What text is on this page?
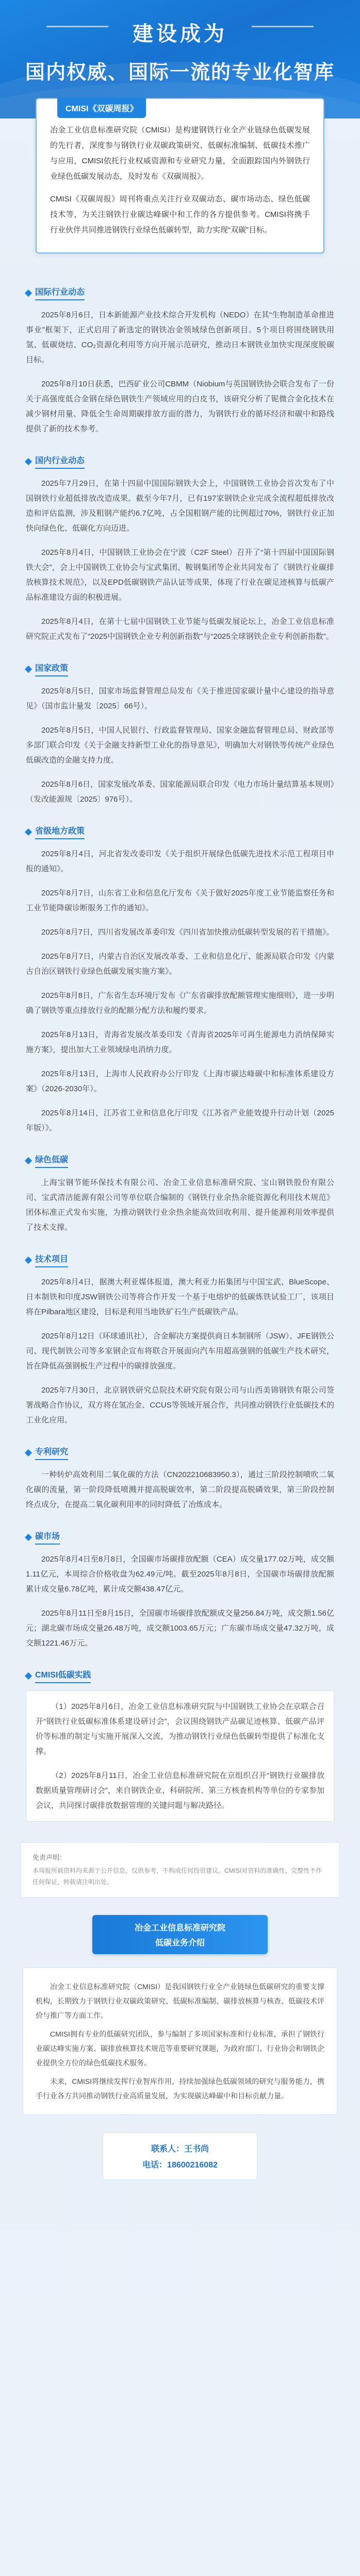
建设成为
国内权威、国际一流的专业化智库
CMISI《双碳周报》

冶金工业信息标准研究院（CMISI）是构建钢铁行业全产业链绿色低碳发展的先行者，深度参与钢铁行业双碳政策研究、低碳标准编制、低碳技术推广与应用，CMISI依托行业权威资源和专业研究力量，全面跟踪国内外钢铁行业绿色低碳发展动态，及时发布《双碳周报》。

CMISI《双碳周报》周刊将重点关注行业双碳动态、碳市场动态、绿色低碳技术等，为关注钢铁行业碳达峰碳中和工作的各方提供参考。CMISI将携手行业伙伴共同推进钢铁行业绿色低碳转型，助力实现“双碳”目标。

国际行业动态

2025年8月6日，日本新能源产业技术综合开发机构（NEDO）在其“生物制造革命推进事业”框架下，正式启用了新选定的钢铁冶金领域绿色创新项目。5个项目将围绕钢铁用氢、低碳烧结、CO₂资源化利用等方向开展示范研究，推动日本钢铁业加快实现深度脱碳目标。

2025年8月10日获悉，巴西矿业公司CBMM（Niobium与英国钢铁协会联合发布了一份关于高强度低合金钢在绿色钢铁生产领域应用的白皮书，该研究分析了铌微合金化技术在减少钢材用量、降低全生命周期碳排放方面的潜力，为钢铁行业的循环经济和碳中和路线提供了新的技术参考。

国内行业动态

2025年7月29日，在第十四届中国国际钢铁大会上，中国钢铁工业协会首次发布了中国钢铁行业超低排放改造成果。截至今年7月，已有197家钢铁企业完成全流程超低排放改造和评估监测，涉及粗钢产能约6.7亿吨，占全国粗钢产能的比例超过70%，钢铁行业正加快向绿色化、低碳化方向迈进。

2025年8月4日，中国钢铁工业协会在宁波（C2F Steel）召开了“第十四届中国国际钢铁大会”，会上中国钢铁工业协会与宝武集团、鞍钢集团等企业共同发布了《钢铁行业碳排放核算技术规范》，以及EPD低碳钢铁产品认证等成果，体现了行业在碳足迹核算与低碳产品标准建设方面的积极进展。

2025年8月4日，在第十七届中国钢铁工业节能与低碳发展论坛上，冶金工业信息标准研究院正式发布了“2025中国钢铁企业专利创新指数”与“2025全球钢铁企业专利创新指数”。

国家政策

2025年8月5日，国家市场监督管理总局发布《关于推进国家碳计量中心建设的指导意见》（国市监计量发〔2025〕66号）。

2025年8月5日，中国人民银行、行政监督管理局、国家金融监督管理总局、财政部等多部门联合印发《关于金融支持新型工业化的指导意见》，明确加大对钢铁等传统产业绿色低碳改造的金融支持力度。

2025年8月6日，国家发展改革委、国家能源局联合印发《电力市场计量结算基本规则》（发改能源规〔2025〕976号）。

省级地方政策

2025年8月4日，河北省发改委印发《关于组织开展绿色低碳先进技术示范工程项目申报的通知》。

2025年8月7日，山东省工业和信息化厅发布《关于做好2025年度工业节能监察任务和工业节能降碳诊断服务工作的通知》。

2025年8月7日，四川省发展改革委印发《四川省加快推动低碳转型发展的若干措施》。

2025年8月7日，内蒙古自治区发展改革委、工业和信息化厅、能源局联合印发《内蒙古自治区钢铁行业绿色低碳发展实施方案》。

2025年8月8日，广东省生态环境厅发布《广东省碳排放配额管理实施细则》，进一步明确了钢铁等重点排放行业的配额分配方法和履约要求。

2025年8月13日，青海省发展改革委印发《青海省2025年可再生能源电力消纳保障实施方案》，提出加大工业领域绿电消纳力度。

2025年8月13日，上海市人民政府办公厅印发《上海市碳达峰碳中和标准体系建设方案》（2026-2030年）。

2025年8月14日，江苏省工业和信息化厅印发《江苏省产业能效提升行动计划（2025年版）》。

绿色低碳

上海宝钢节能环保技术有限公司、冶金工业信息标准研究院、宝山钢铁股份有限公司、宝武清洁能源有限公司等单位联合编制的《钢铁行业余热余能资源化利用技术规范》团体标准正式发布实施，为推动钢铁行业余热余能高效回收利用、提升能源利用效率提供了技术支撑。

技术项目

2025年8月4日，据澳大利亚媒体报道，澳大利亚力拓集团与中国宝武、BlueScope、日本制铁和印度JSW钢铁公司等将合作开发一个基于电熔炉的低碳炼铁试验工厂，该项目将在Pilbara地区建设，目标是利用当地铁矿石生产低碳铁产品。

2025年8月12日（环球通讯社），合金解决方案提供商日本制钢所（JSW）、JFE钢铁公司、现代制铁公司等多家钢企宣布将联合开展面向汽车用超高强钢的低碳生产技术研究，旨在降低高强钢板生产过程中的碳排放强度。

2025年7月30日，北京钢铁研究总院技术研究院有限公司与山西美锦钢铁有限公司签署战略合作协议，双方将在氢冶金、CCUS等领域开展合作，共同推动钢铁行业低碳技术的工业化应用。

专利研究

一种转炉高效利用二氧化碳的方法（CN202210683950.3），通过三阶段控制喷吹二氧化碳的流量，第一阶段降低喷溅并提高脱碳效率，第二阶段提高脱磷效果，第三阶段控制终点成分，在提高二氧化碳利用率的同时降低了冶炼成本。

碳市场

2025年8月4日至8月8日，全国碳市场碳排放配额（CEA）成交量177.02万吨，成交额1.11亿元，本周综合价格收盘为62.49元/吨。截至2025年8月8日，全国碳市场碳排放配额累计成交量6.78亿吨，累计成交额438.47亿元。

2025年8月11日至8月15日，全国碳市场碳排放配额成交量256.84万吨，成交额1.56亿元；湖北碳市场成交量26.48万吨，成交额1003.65万元；广东碳市场成交量47.32万吨，成交额1221.46万元。

CMISI低碳实践

（1）2025年8月6日，冶金工业信息标准研究院与中国钢铁工业协会在京联合召开“钢铁行业低碳标准体系建设研讨会”，会议围绕钢铁产品碳足迹核算、低碳产品评价等标准的制定与实施开展深入交流，为推动钢铁行业绿色低碳转型提供了标准化支撑。

（2）2025年8月11日，冶金工业信息标准研究院在京组织召开“钢铁行业碳排放数据质量管理研讨会”，来自钢铁企业、科研院所、第三方核查机构等单位的专家参加会议，共同探讨碳排放数据管理的关键问题与解决路径。

免责声明：

本周报所载资料均来源于公开信息，仅供参考，不构成任何投资建议。CMISI对资料的准确性、完整性不作任何保证，转载请注明出处。

冶金工业信息标准研究院
低碳业务介绍

冶金工业信息标准研究院（CMISI）是我国钢铁行业全产业链绿色低碳研究的重要支撑机构，长期致力于钢铁行业双碳政策研究、低碳标准编制、碳排放核算与核查、低碳技术评价与推广等方面工作。

CMISI拥有专业的低碳研究团队，参与编制了多项国家标准和行业标准，承担了钢铁行业碳达峰实施方案、碳排放核算技术规范等重要研究课题，为政府部门、行业协会和钢铁企业提供全方位的绿色低碳技术服务。

未来，CMISI将继续发挥行业智库作用，持续加强绿色低碳领域的研究与服务能力，携手行业各方共同推动钢铁行业高质量发展，为实现碳达峰碳中和目标贡献力量。

联系人：王书尚
电话：18600216082
